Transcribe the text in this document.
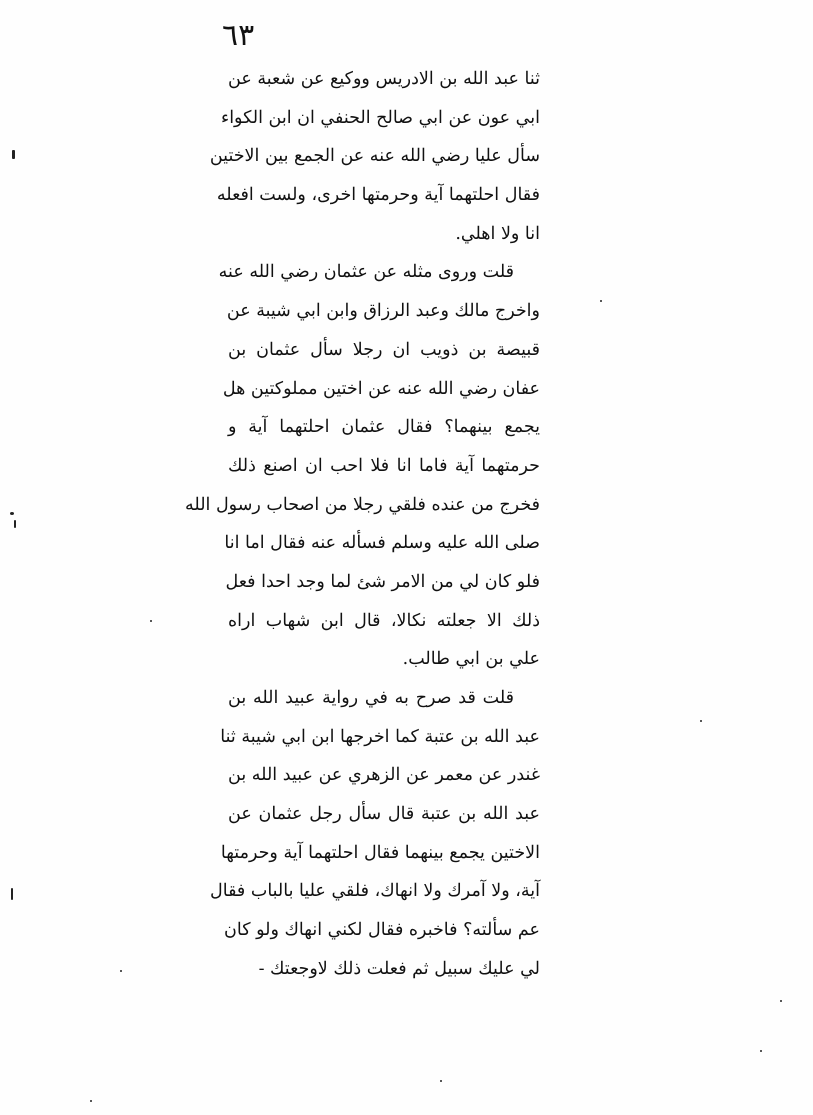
٦٣
ثنا عبد الله بن الادريس ووكيع عن شعبة عن
ابي عون عن ابي صالح الحنفي ان ابن الكواء
سأل عليا رضي الله عنه عن الجمع بين الاختين
فقال احلتهما آية وحرمتها اخرى، ولست افعله
انا ولا اهلي.
قلت وروى مثله عن عثمان رضي الله عنه
واخرج مالك وعبد الرزاق وابن ابي شيبة عن
قبيصة بن ذويب ان رجلا سأل عثمان بن
عفان رضي الله عنه عن اختين مملوكتين هل
يجمع بينهما؟ فقال عثمان احلتهما آية و
حرمتهما آية فاما انا فلا احب ان اصنع ذلك
فخرج من عنده فلقي رجلا من اصحاب رسول الله
صلى الله عليه وسلم فسأله عنه فقال اما انا
فلو كان لي من الامر شئ لما وجد احدا فعل
ذلك الا جعلته نكالا، قال ابن شهاب اراه
علي بن ابي طالب.
قلت قد صرح به في رواية عبيد الله بن
عبد الله بن عتبة كما اخرجها ابن ابي شيبة ثنا
غندر عن معمر عن الزهري عن عبيد الله بن
عبد الله بن عتبة قال سأل رجل عثمان عن
الاختين يجمع بينهما فقال احلتهما آية وحرمتها
آية، ولا آمرك ولا انهاك، فلقي عليا بالباب فقال
عم سألته؟ فاخبره فقال لكني انهاك ولو كان
لي عليك سبيل ثم فعلت ذلك لاوجعتك -
